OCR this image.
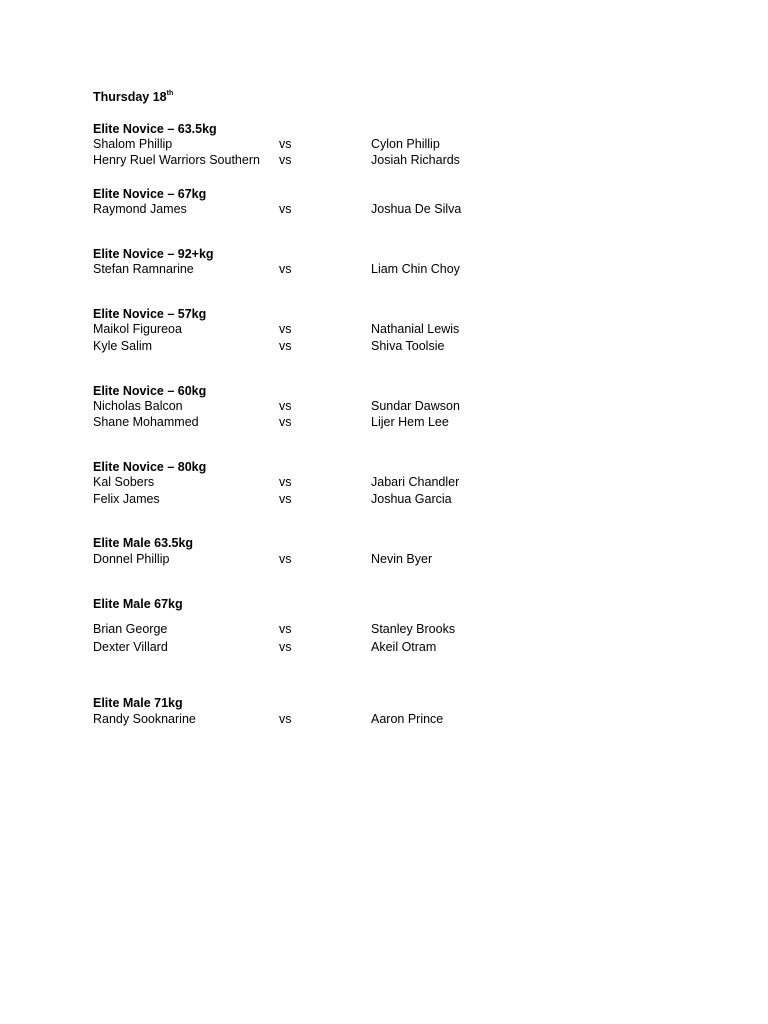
Thursday 18th
Elite Novice – 63.5kg
Shalom Phillip	vs	Cylon Phillip
Henry Ruel Warriors Southern vs	Josiah Richards
Elite Novice – 67kg
Raymond James	vs	Joshua De Silva
Elite Novice – 92+kg
Stefan Ramnarine	vs	Liam Chin Choy
Elite Novice – 57kg
Maikol Figureoa	vs	Nathanial Lewis
Kyle Salim	vs	Shiva Toolsie
Elite Novice – 60kg
Nicholas Balcon	vs	Sundar Dawson
Shane Mohammed	vs	Lijer Hem Lee
Elite Novice – 80kg
Kal Sobers	vs	Jabari Chandler
Felix James	vs	Joshua Garcia
Elite Male 63.5kg
Donnel Phillip	vs	Nevin Byer
Elite Male 67kg
Brian George	vs	Stanley Brooks
Dexter Villard	vs	Akeil Otram
Elite Male 71kg
Randy Sooknarine	vs	Aaron Prince
